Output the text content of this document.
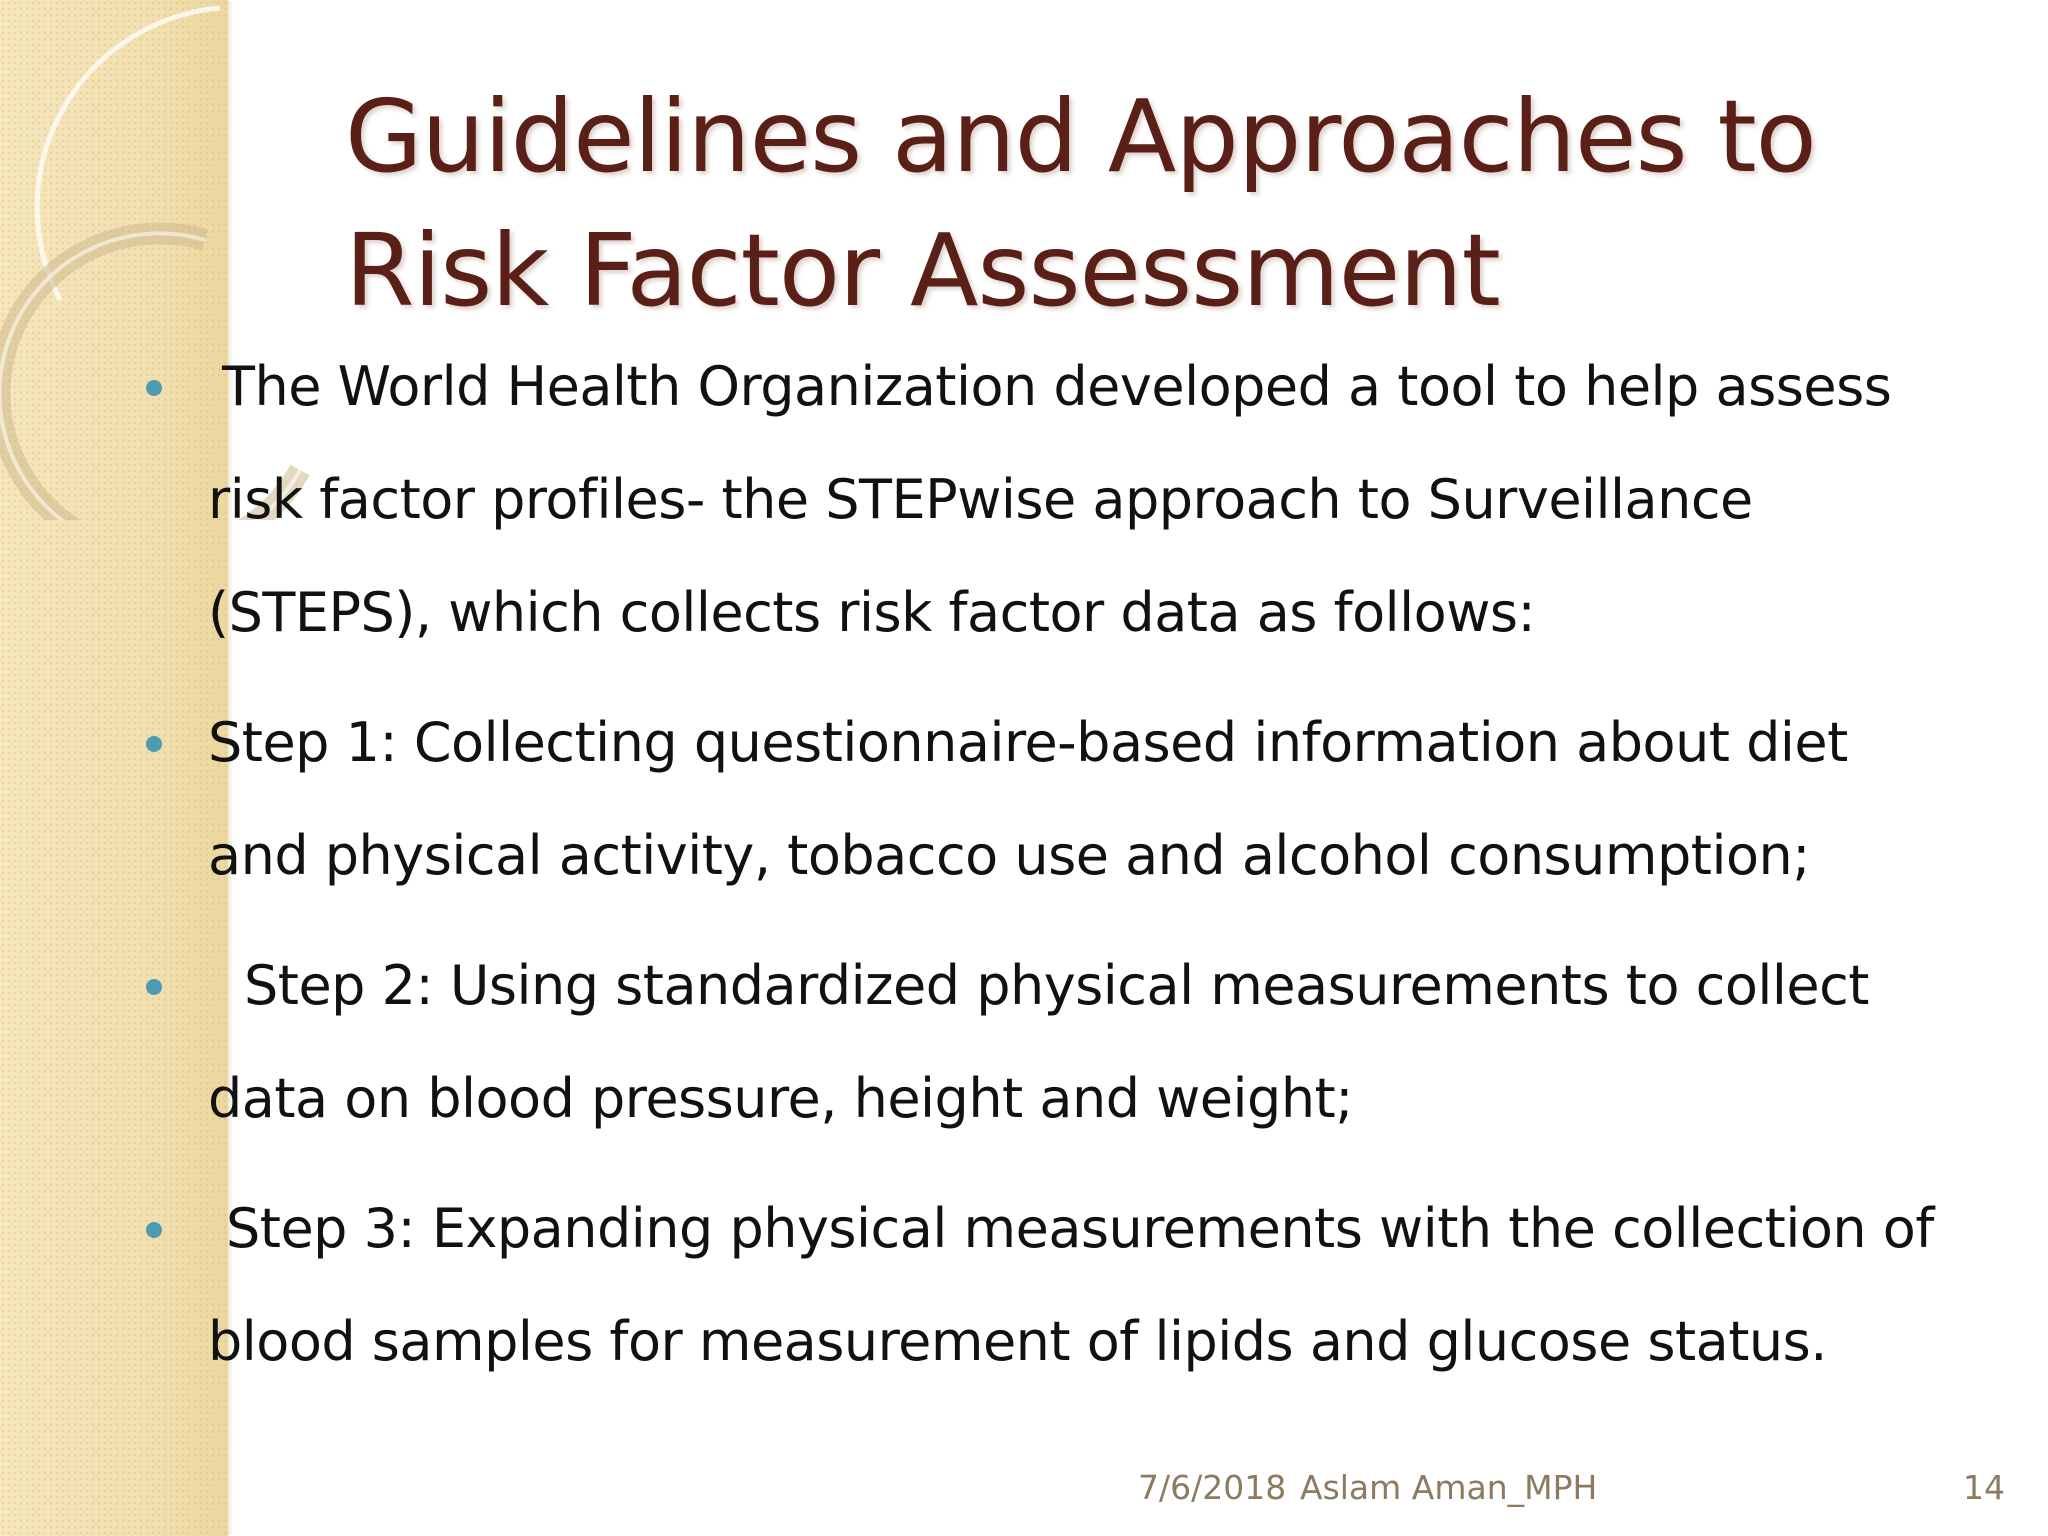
Guidelines and Approaches to Risk Factor Assessment
The World Health Organization developed a tool to help assess risk factor profiles- the STEPwise approach to Surveillance (STEPS), which collects risk factor data as follows:
Step 1: Collecting questionnaire-based information about diet and physical activity, tobacco use and alcohol consumption;
Step 2: Using standardized physical measurements to collect data on blood pressure, height and weight;
Step 3: Expanding physical measurements with the collection of blood samples for measurement of lipids and glucose status.
7/6/2018 Aslam Aman_MPH	14
